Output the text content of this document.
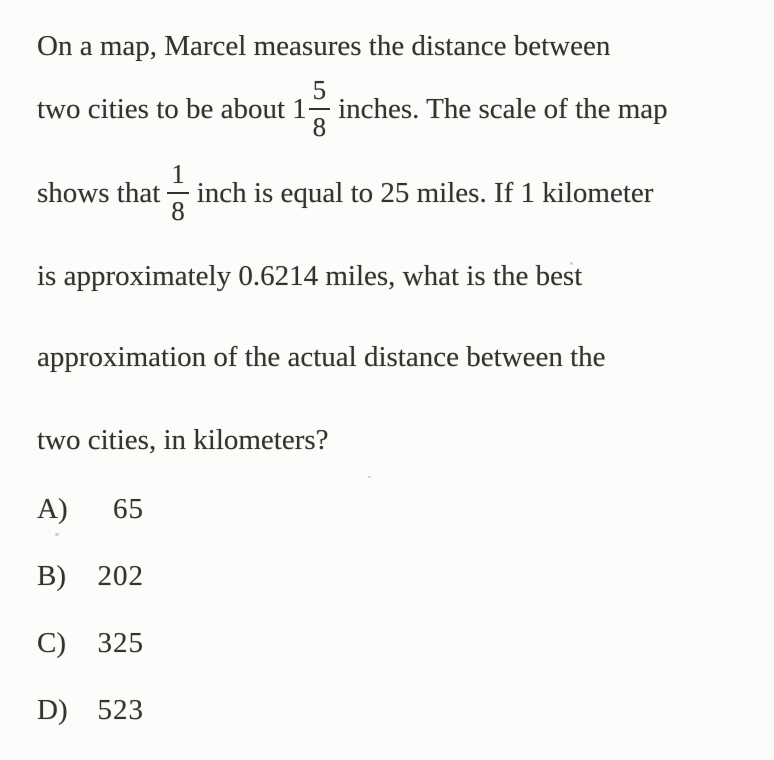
On a map, Marcel measures the distance between
two cities to be about $1 \frac{5}{8}$ inches. The scale of the map
shows that $\frac{1}{8}$ inch is equal to 25 miles. If 1 kilometer
is approximately 0.6214 miles, what is the best
approximation of the actual distance between the
two cities, in kilometers?
A)	65
B)	202
C)	325
D)	523
